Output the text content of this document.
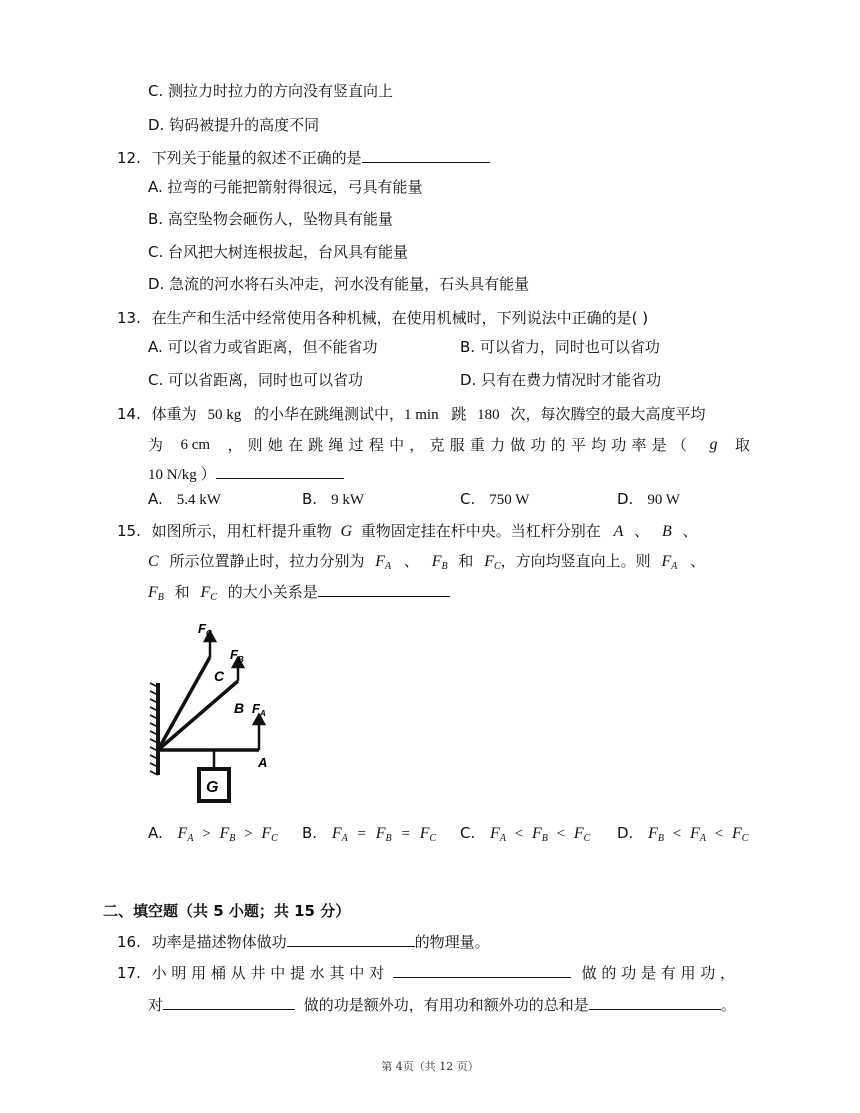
C. 测拉力时拉力的方向没有竖直向上
D. 钩码被提升的高度不同
12. 下列关于能量的叙述不正确的是
A. 拉弯的弓能把箭射得很远，弓具有能量
B. 高空坠物会砸伤人，坠物具有能量
C. 台风把大树连根拔起，台风具有能量
D. 急流的河水将石头冲走，河水没有能量，石头具有能量
13. 在生产和生活中经常使用各种机械，在使用机械时，下列说法中正确的是( )
A. 可以省力或省距离，但不能省功	B. 可以省力，同时也可以省功
C. 可以省距离，同时也可以省功	D. 只有在费力情况时才能省功
14. 体重为 50 kg 的小华在跳绳测试中，1 min 跳 180 次，每次腾空的最大高度平均
为 6 cm ，则她在跳绳过程中，克服重力做功的平均功率是（ g 取
10 N/kg ）
A. 5.4 kW	B. 9 kW	C. 750 W	D. 90 W
15. 如图所示，用杠杆提升重物 G 重物固定挂在杆中央。当杠杆分别在 A 、 B 、
C 所示位置静止时，拉力分别为 $F_A$ 、 $F_B$ 和 $F_C$，方向均竖直向上。则 $F_A$ 、
$F_B$ 和 $F_C$ 的大小关系是
$F_C$
$F_B$
$F_A$
C
B
A
G
A. $F_A > F_B > F_C$ B. $F_A = F_B = F_C$ C. $F_A < F_B < F_C$ D. $F_B < F_A < F_C$
二、填空题（共 5 小题；共 15 分）
16. 功率是描述物体做功	的物理量。
17. 小 明 用 桶 从 井 中 提 水 其 中 对	做 的 功 是 有 用 功 ，
对	做的功是额外功，有用功和额外功的总和是	。
第 4页（共 12 页）
